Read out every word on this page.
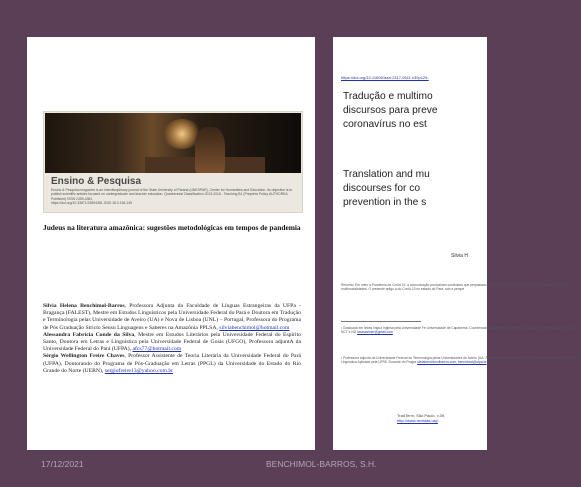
Ensino & Pesquisa
Ensino & Pesquisa magazine is an interdisciplinary journal of the State University of Paraná (UNESPAR), Center for Humanities and Education. Its objective is to publish scientific articles focused on undergraduate and teacher education. Quadrennial Classification 2013-2016 - Teaching B1 (Preprints Policy AUTHOREA Publisher) ISSN 2359-4381
https://doi.org/10.33871/23594381.2020.18.3.136-149
Judeus na literatura amazônica: sugestões metodológicas em tempos de pandemia
Silvia Helena Benchimol-Barros, Professora Adjunta da Faculdade de Línguas Estrangeiras da UFPa - Bragança (FALEST), Mestre em Estudos Linguísticos pela Universidade Federal do Pará e Doutora em Tradução e Terminologia pelas Universidade de Aveiro (UA) e Nova de Lisboa (UNL) – Portugal, Professora do Programa de Pós Graduação Stricto Sensu Linguagens e Saberes na Amazônia PPLSA, silviabenchimol@hotmail.com
Alessandra Fabrícia Conde da Silva, Mestre em Estudos Literários pela Universidade Federal do Espírito Santo, Doutora em Letras e Linguística pela Universidade Federal de Goiás (UFGO), Professora adjuntA da Universidade Federal do Pará (UFPA), afcs77@hotmail.com
Sérgio Wellington Freire Chaves, Professor Assistente de Teoria Literária da Universidade Federal do Pará (UFPA), Doutorando do Programa de Pós-Graduação em Letras (PPGL) da Universidade do Estado do Rio Grande do Norte (UERN), sergiofreire13@yahoo.com.br
https://doi.org/10.11606/issn.2317-9511.v39p129-
Tradução e multimo
discursos para preve
coronavírus no est
Translation and mu
discourses for co
prevention in the s
Silvia H
Resumo: Em meio à Pandemia de Covid-19, a comunicação produziram conteúdos que perpassam e proliferam por uma variedade de gêneros tecnologias multimodalidades. O presente artigo a do Covid-19 no estado do Pará, sob a perspe
¹ Graduada em letras língua Inglesa pela Universidade Fe Universidade de Capanema. Coordenador adjunto do p Membro dos Grupos de Pesquisa (CNPQ) GLA, NCT e ND lucasaviloer@gmail.com
² Professora adjunta da Universidade Federal do Terminologia pelas Universidades de Aveiro (UA- Pt) estudos Linguísticos (UFPA). Dip. Assessment in EFL/EL em Linguística Aplicada pela UFPA. Docente do Progra silviabenchimolbarros.com; benchimol@ufpa.br
TradTerm, São Paulo, v.39,
http://www.revistas.usp
17/12/2021	BENCHIMOL-BARROS, S.H.
